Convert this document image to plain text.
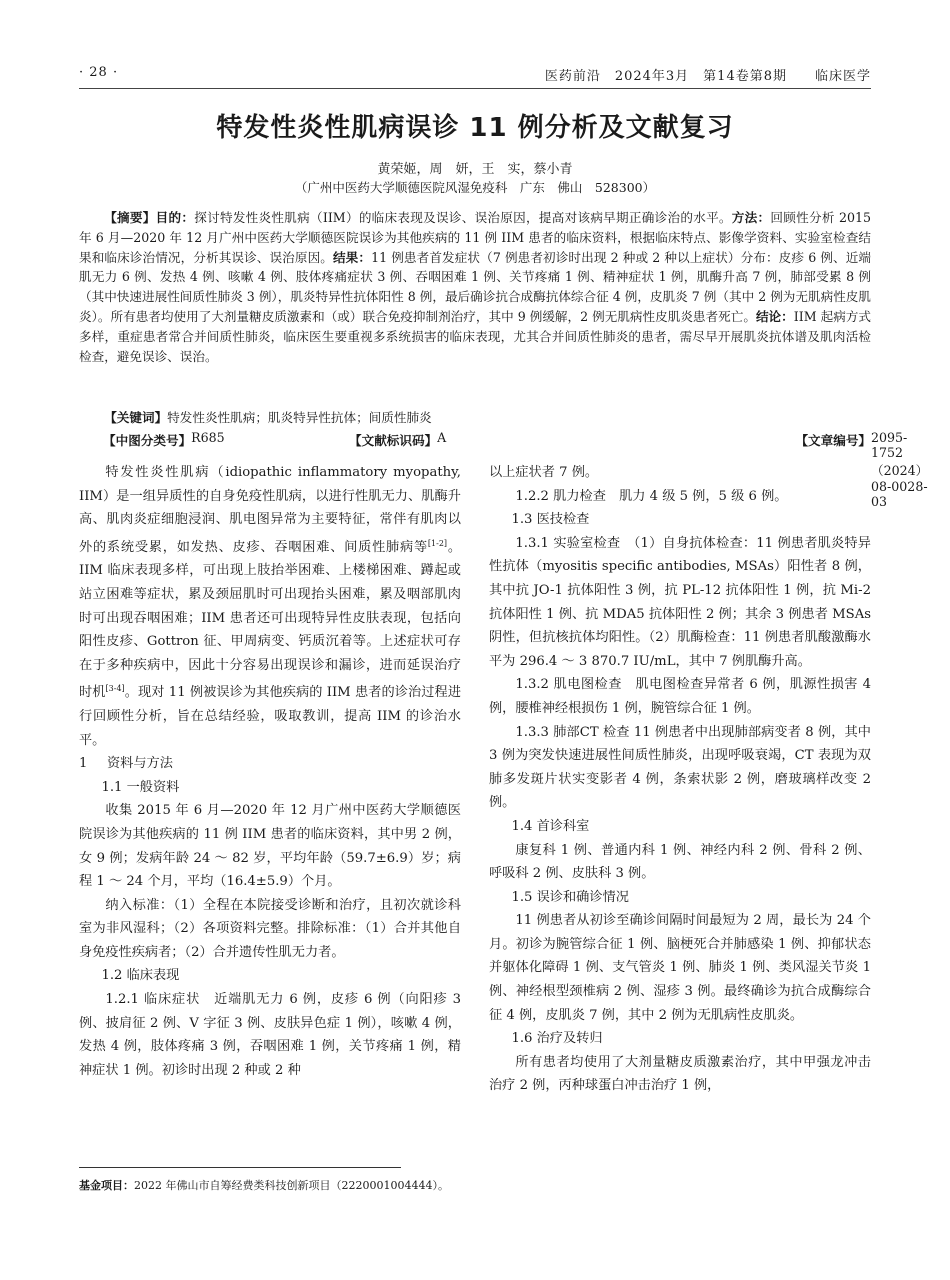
· 28 ·	医药前沿　2024年3月　第14卷第8期　　临床医学
特发性炎性肌病误诊 11 例分析及文献复习
黄荣姬，周　妍，王　实，蔡小青
（广州中医药大学顺德医院风湿免疫科　广东　佛山　528300）
【摘要】目的：探讨特发性炎性肌病（IIM）的临床表现及误诊、误治原因，提高对该病早期正确诊治的水平。方法：回顾性分析 2015 年 6 月—2020 年 12 月广州中医药大学顺德医院误诊为其他疾病的 11 例 IIM 患者的临床资料，根据临床特点、影像学资料、实验室检查结果和临床诊治情况，分析其误诊、误治原因。结果：11 例患者首发症状（7 例患者初诊时出现 2 种或 2 种以上症状）分布：皮疹 6 例、近端肌无力 6 例、发热 4 例、咳嗽 4 例、肢体疼痛症状 3 例、吞咽困难 1 例、关节疼痛 1 例、精神症状 1 例，肌酶升高 7 例，肺部受累 8 例（其中快速进展性间质性肺炎 3 例），肌炎特异性抗体阳性 8 例，最后确诊抗合成酶抗体综合征 4 例，皮肌炎 7 例（其中 2 例为无肌病性皮肌炎）。所有患者均使用了大剂量糖皮质激素和（或）联合免疫抑制剂治疗，其中 9 例缓解，2 例无肌病性皮肌炎患者死亡。结论：IIM 起病方式多样，重症患者常合并间质性肺炎，临床医生要重视多系统损害的临床表现，尤其合并间质性肺炎的患者，需尽早开展肌炎抗体谱及肌肉活检检查，避免误诊、误治。
【关键词】特发性炎性肌病；肌炎特异性抗体；间质性肺炎
【中图分类号】 R685	【文献标识码】 A	【文章编号】 2095-1752（2024）08-0028-03

特发性炎性肌病（idiopathic inflammatory myopathy, IIM）是一组异质性的自身免疫性肌病，以进行性肌无力、肌酶升高、肌肉炎症细胞浸润、肌电图异常为主要特征，常伴有肌肉以外的系统受累，如发热、皮疹、吞咽困难、间质性肺病等[1-2]。IIM 临床表现多样，可出现上肢抬举困难、上楼梯困难、蹲起或站立困难等症状，累及颈屈肌时可出现抬头困难，累及咽部肌肉时可出现吞咽困难；IIM 患者还可出现特异性皮肤表现，包括向阳性皮疹、Gottron 征、甲周病变、钙质沉着等。上述症状可存在于多种疾病中，因此十分容易出现误诊和漏诊，进而延误治疗时机[3-4]。现对 11 例被误诊为其他疾病的 IIM 患者的诊治过程进行回顾性分析，旨在总结经验，吸取教训，提高 IIM 的诊治水平。

1 资料与方法

1.1 一般资料

收集 2015 年 6 月—2020 年 12 月广州中医药大学顺德医院误诊为其他疾病的 11 例 IIM 患者的临床资料，其中男 2 例，女 9 例；发病年龄 24 ～ 82 岁，平均年龄（59.7±6.9）岁；病程 1 ～ 24 个月，平均（16.4±5.9）个月。

纳入标准：（1）全程在本院接受诊断和治疗，且初次就诊科室为非风湿科；（2）各项资料完整。排除标准：（1）合并其他自身免疫性疾病者；（2）合并遗传性肌无力者。

1.2 临床表现

1.2.1 临床症状　近端肌无力 6 例，皮疹 6 例（向阳疹 3 例、披肩征 2 例、V 字征 3 例、皮肤异色症 1 例），咳嗽 4 例，发热 4 例，肢体疼痛 3 例，吞咽困难 1 例，关节疼痛 1 例，精神症状 1 例。初诊时出现 2 种或 2 种

以上症状者 7 例。

1.2.2 肌力检查　肌力 4 级 5 例，5 级 6 例。

1.3 医技检查

1.3.1 实验室检查　（1）自身抗体检查：11 例患者肌炎特异性抗体（myositis specific antibodies, MSAs）阳性者 8 例，其中抗 JO-1 抗体阳性 3 例，抗 PL-12 抗体阳性 1 例，抗 Mi-2 抗体阳性 1 例、抗 MDA5 抗体阳性 2 例；其余 3 例患者 MSAs 阴性，但抗核抗体均阳性。（2）肌酶检查：11 例患者肌酸激酶水平为 296.4 ～ 3 870.7 IU/mL，其中 7 例肌酶升高。

1.3.2 肌电图检查　肌电图检查异常者 6 例，肌源性损害 4 例，腰椎神经根损伤 1 例，腕管综合征 1 例。

1.3.3 肺部CT 检查 11 例患者中出现肺部病变者 8 例，其中 3 例为突发快速进展性间质性肺炎，出现呼吸衰竭，CT 表现为双肺多发斑片状实变影者 4 例，条索状影 2 例，磨玻璃样改变 2 例。

1.4 首诊科室

康复科 1 例、普通内科 1 例、神经内科 2 例、骨科 2 例、呼吸科 2 例、皮肤科 3 例。

1.5 误诊和确诊情况

11 例患者从初诊至确诊间隔时间最短为 2 周，最长为 24 个月。初诊为腕管综合征 1 例、脑梗死合并肺感染 1 例、抑郁状态并躯体化障碍 1 例、支气管炎 1 例、肺炎 1 例、类风湿关节炎 1 例、神经根型颈椎病 2 例、湿疹 3 例。最终确诊为抗合成酶综合征 4 例，皮肌炎 7 例，其中 2 例为无肌病性皮肌炎。

1.6 治疗及转归

所有患者均使用了大剂量糖皮质激素治疗，其中甲强龙冲击治疗 2 例，丙种球蛋白冲击治疗 1 例，

基金项目：2022 年佛山市自筹经费类科技创新项目（2220001004444）。
